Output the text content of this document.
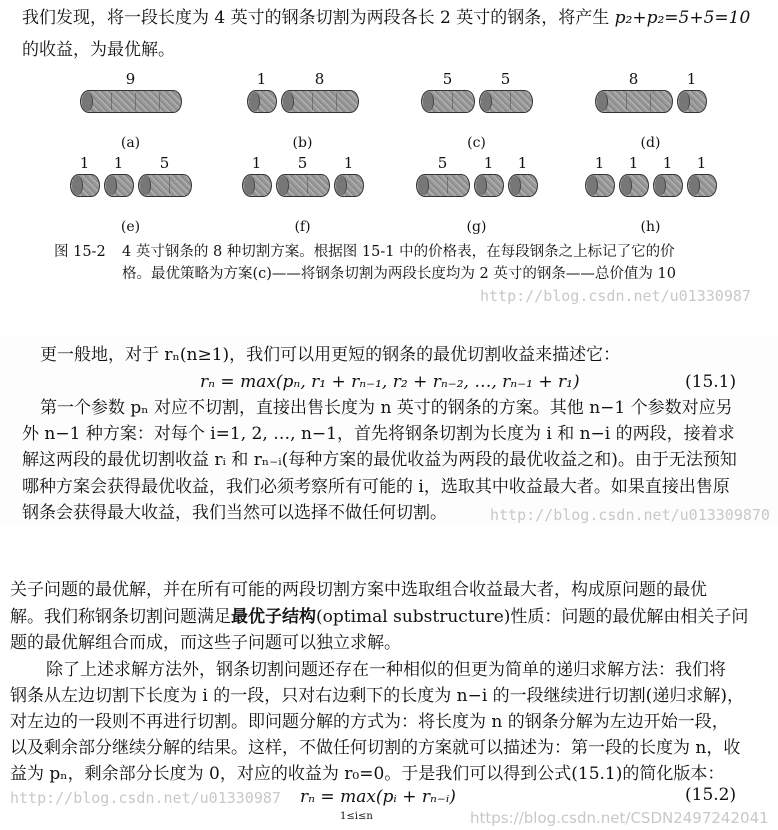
我们发现，将一段长度为 4 英寸的钢条切割为两段各长 2 英寸的钢条，将产生 p₂+p₂=5+5=10
的收益，为最优解。
9
(a)
1	8
(b)
5	5
(c)
8	1
(d)
1	1	5
(e)
1	5	1
(f)
5	1	1
(g)
1	1	1	1
(h)
图 15-2 4 英寸钢条的 8 种切割方案。根据图 15-1 中的价格表，在每段钢条之上标记了它的价
格。最优策略为方案(c)——将钢条切割为两段长度均为 2 英寸的钢条——总价值为 10
http://blog.csdn.net/u01330987
更一般地，对于 rₙ(n≥1)，我们可以用更短的钢条的最优切割收益来描述它：
rₙ = max(pₙ, r₁ + rₙ₋₁, r₂ + rₙ₋₂, …, rₙ₋₁ + r₁)	(15.1)
第一个参数 pₙ 对应不切割，直接出售长度为 n 英寸的钢条的方案。其他 n−1 个参数对应另
外 n−1 种方案：对每个 i=1, 2, …, n−1，首先将钢条切割为长度为 i 和 n−i 的两段，接着求
解这两段的最优切割收益 rᵢ 和 rₙ₋ᵢ(每种方案的最优收益为两段的最优收益之和)。由于无法预知
哪种方案会获得最优收益，我们必须考察所有可能的 i，选取其中收益最大者。如果直接出售原
钢条会获得最大收益，我们当然可以选择不做任何切割。	http://blog.csdn.net/u013309870
关子问题的最优解，并在所有可能的两段切割方案中选取组合收益最大者，构成原问题的最优
解。我们称钢条切割问题满足最优子结构(optimal substructure)性质：问题的最优解由相关子问
题的最优解组合而成，而这些子问题可以独立求解。
除了上述求解方法外，钢条切割问题还存在一种相似的但更为简单的递归求解方法：我们将
钢条从左边切割下长度为 i 的一段，只对右边剩下的长度为 n−i 的一段继续进行切割(递归求解)，
对左边的一段则不再进行切割。即问题分解的方式为：将长度为 n 的钢条分解为左边开始一段，
以及剩余部分继续分解的结果。这样，不做任何切割的方案就可以描述为：第一段的长度为 n，收
益为 pₙ，剩余部分长度为 0，对应的收益为 r₀=0。于是我们可以得到公式(15.1)的简化版本：
http://blog.csdn.net/u01330987 rₙ = max(pᵢ + rₙ₋ᵢ)
1≤i≤n
(15.2)
https://blog.csdn.net/CSDN2497242041
